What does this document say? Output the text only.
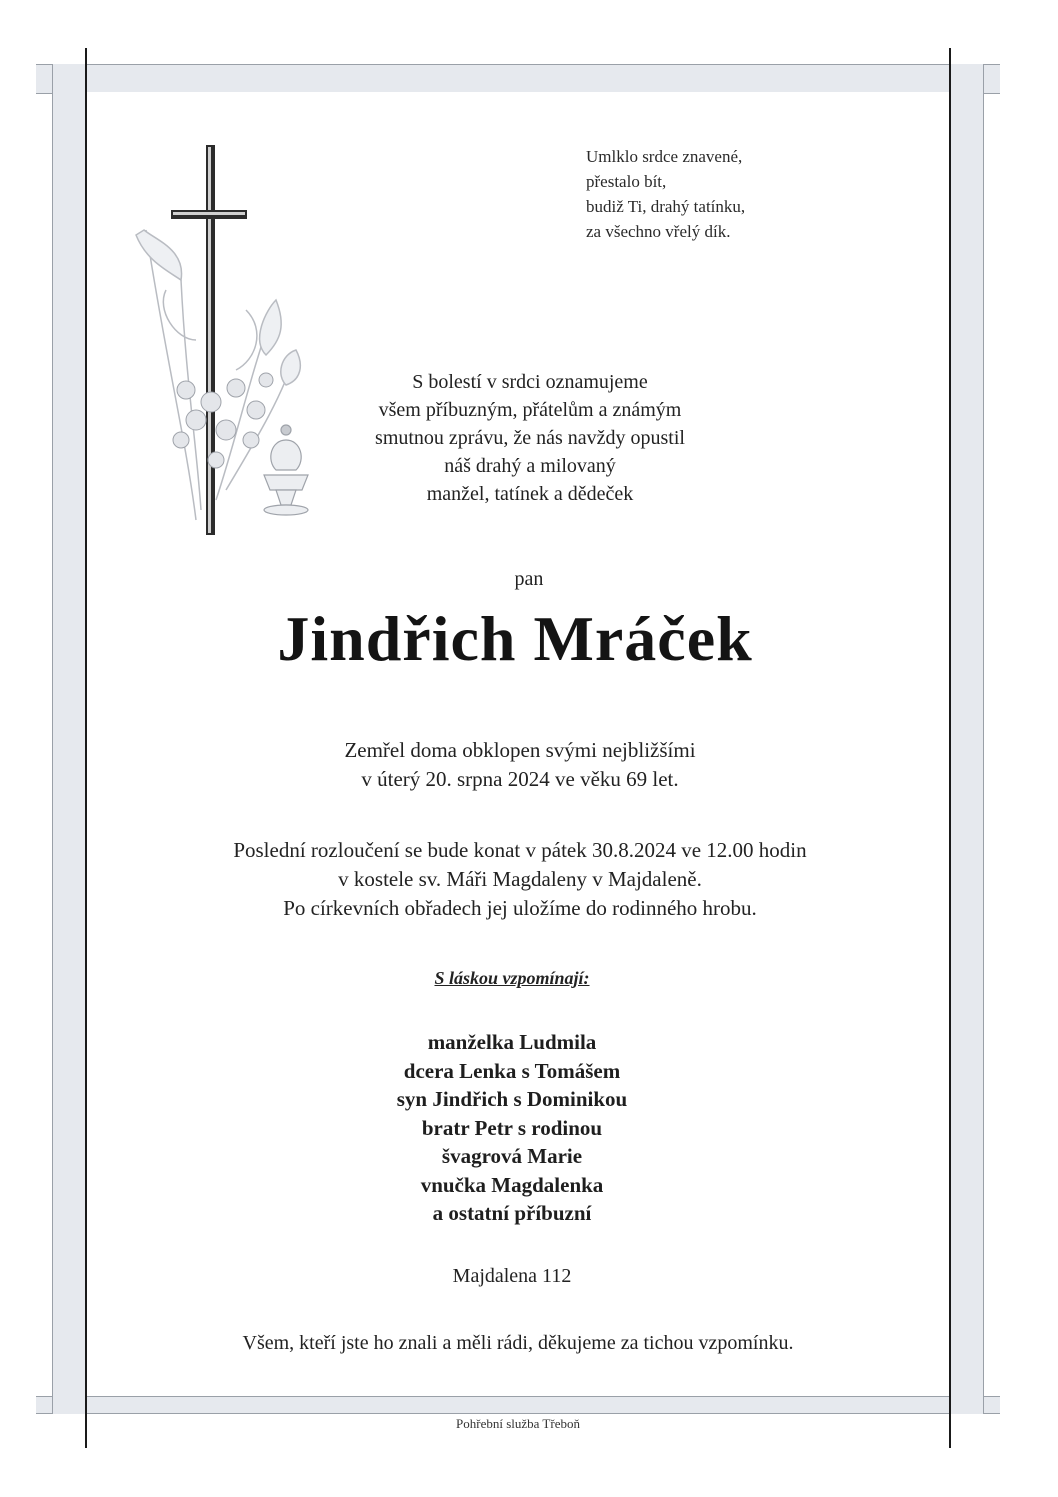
Umlklo srdce znavené,
přestalo bít,
budiž Ti, drahý tatínku,
za všechno vřelý dík.
S bolestí v srdci oznamujeme
všem příbuzným, přátelům a známým
smutnou zprávu, že nás navždy opustil
náš drahý a milovaný
manžel, tatínek a dědeček
pan
Jindřich Mráček
Zemřel doma obklopen svými nejbližšími
v úterý 20. srpna 2024 ve věku 69 let.
Poslední rozloučení se bude konat v pátek 30.8.2024 ve 12.00 hodin
v kostele sv. Máři Magdaleny v Majdaleně.
Po církevních obřadech jej uložíme do rodinného hrobu.
S láskou vzpomínají:
manželka Ludmila
dcera Lenka s Tomášem
syn Jindřich s Dominikou
bratr Petr s rodinou
švagrová Marie
vnučka Magdalenka
a ostatní příbuzní
Majdalena 112
Všem, kteří jste ho znali a měli rádi, děkujeme za tichou vzpomínku.
Pohřební služba Třeboň
